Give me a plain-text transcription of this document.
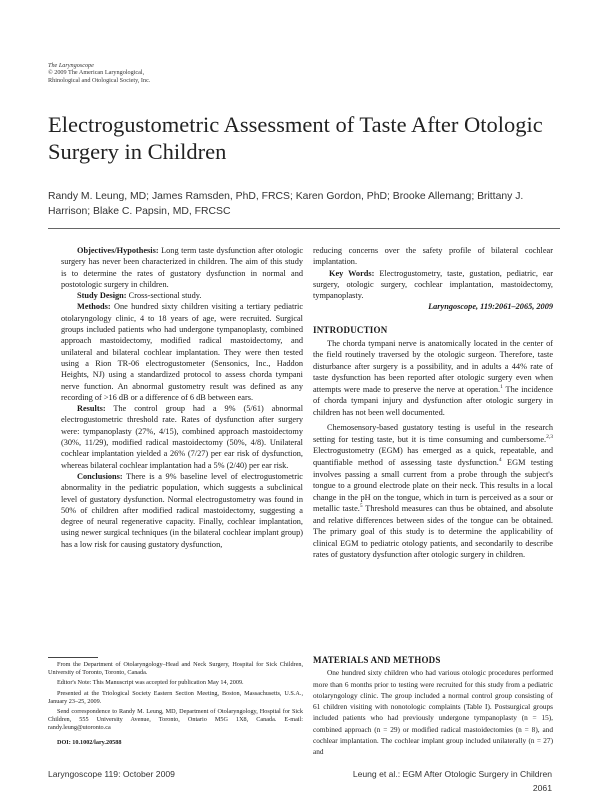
The Laryngoscope
© 2009 The American Laryngological,
Rhinological and Otological Society, Inc.
Electrogustometric Assessment of Taste After Otologic Surgery in Children
Randy M. Leung, MD; James Ramsden, PhD, FRCS; Karen Gordon, PhD; Brooke Allemang; Brittany J. Harrison; Blake C. Papsin, MD, FRCSC

Objectives/Hypothesis: Long term taste dysfunction after otologic surgery has never been characterized in children. The aim of this study is to determine the rates of gustatory dysfunction in normal and postotologic surgery in children.

Study Design: Cross-sectional study.

Methods: One hundred sixty children visiting a tertiary pediatric otolaryngology clinic, 4 to 18 years of age, were recruited. Surgical groups included patients who had undergone tympanoplasty, combined approach mastoidectomy, modified radical mastoidectomy, and unilateral and bilateral cochlear implantation. They were then tested using a Rion TR-06 electrogustometer (Sensonics, Inc., Haddon Heights, NJ) using a standardized protocol to assess chorda tympani nerve function. An abnormal gustometry result was defined as any recording of >16 dB or a difference of 6 dB between ears.

Results: The control group had a 9% (5/61) abnormal electrogustometric threshold rate. Rates of dysfunction after surgery were: tympanoplasty (27%, 4/15), combined approach mastoidectomy (30%, 11/29), modified radical mastoidectomy (50%, 4/8). Unilateral cochlear implantation yielded a 26% (7/27) per ear risk of dysfunction, whereas bilateral cochlear implantation had a 5% (2/40) per ear risk.

Conclusions: There is a 9% baseline level of electrogustometric abnormality in the pediatric population, which suggests a subclinical level of gustatory dysfunction. Normal electrogustometry was found in 50% of children after modified radical mastoidectomy, suggesting a degree of neural regenerative capacity. Finally, cochlear implantation, using newer surgical techniques (in the bilateral cochlear implant group) has a low risk for causing gustatory dysfunction,

reducing concerns over the safety profile of bilateral cochlear implantation.

Key Words: Electrogustometry, taste, gustation, pediatric, ear surgery, otologic surgery, cochlear implantation, mastoidectomy, tympanoplasty.

Laryngoscope, 119:2061–2065, 2009

INTRODUCTION

The chorda tympani nerve is anatomically located in the center of the field routinely traversed by the otologic surgeon. Therefore, taste disturbance after surgery is a possibility, and in adults a 44% rate of taste dysfunction has been reported after otologic surgery even when attempts were made to preserve the nerve at operation.$^1$ The incidence of chorda tympani injury and dysfunction after otologic surgery in children has not been well documented.

Chemosensory-based gustatory testing is useful in the research setting for testing taste, but it is time consuming and cumbersome.$^{2,3}$ Electrogustometry (EGM) has emerged as a quick, repeatable, and quantifiable method of assessing taste dysfunction.$^4$ EGM testing involves passing a small current from a probe through the subject's tongue to a ground electrode plate on their neck. This results in a local change in the pH on the tongue, which in turn is perceived as a sour or metallic taste.$^5$ Threshold measures can thus be obtained, and absolute and relative differences between sides of the tongue can be obtained. The primary goal of this study is to determine the applicability of clinical EGM to pediatric otology patients, and secondarily to describe rates of gustatory dysfunction after otologic surgery in children.

MATERIALS AND METHODS

One hundred sixty children who had various otologic procedures performed more than 6 months prior to testing were recruited for this study from a pediatric otolaryngology clinic. The group included a normal control group consisting of 61 children visiting with nonotologic complaints (Table I). Postsurgical groups included patients who had previously undergone tympanoplasty (n = 15), combined approach (n = 29) or modified radical mastoidectomies (n = 8), and cochlear implantation. The cochlear implant group included unilaterally (n = 27) and

From the Department of Otolaryngology–Head and Neck Surgery, Hospital for Sick Children, University of Toronto, Toronto, Canada.

Editor's Note: This Manuscript was accepted for publication May 14, 2009.

Presented at the Triological Society Eastern Section Meeting, Boston, Massachusetts, U.S.A., January 23–25, 2009.

Send correspondence to Randy M. Leung, MD, Department of Otolaryngology, Hospital for Sick Children, 555 University Avenue, Toronto, Ontario M5G 1X8, Canada. E-mail: randy.leung@utoronto.ca

DOI: 10.1002/lary.20588

Laryngoscope 119: October 2009	Leung et al.: EGM After Otologic Surgery in Children
2061
